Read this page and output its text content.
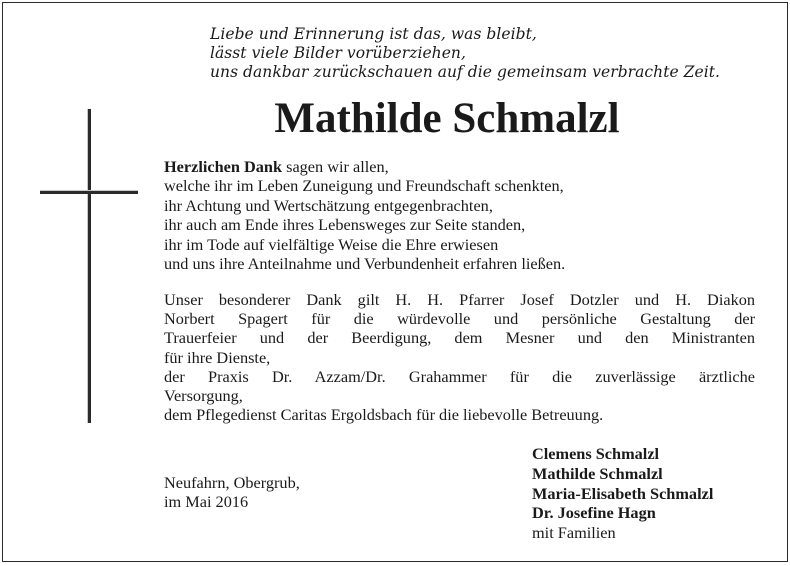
Liebe und Erinnerung ist das, was bleibt,
lässt viele Bilder vorüberziehen,
uns dankbar zurückschauen auf die gemeinsam verbrachte Zeit.
Mathilde Schmalzl
Herzlichen Dank sagen wir allen,
welche ihr im Leben Zuneigung und Freundschaft schenkten,
ihr Achtung und Wertschätzung entgegenbrachten,
ihr auch am Ende ihres Lebensweges zur Seite standen,
ihr im Tode auf vielfältige Weise die Ehre erwiesen
und uns ihre Anteilnahme und Verbundenheit erfahren ließen.

Unser besonderer Dank gilt H. H. Pfarrer Josef Dotzler und H. Diakon

Norbert Spagert für die würdevolle und persönliche Gestaltung der

Trauerfeier und der Beerdigung, dem Mesner und den Ministranten

für ihre Dienste,

der Praxis Dr. Azzam/Dr. Grahammer für die zuverlässige ärztliche

Versorgung,

dem Pflegedienst Caritas Ergoldsbach für die liebevolle Betreuung.

Neufahrn, Obergrub,
im Mai 2016
Clemens Schmalzl
Mathilde Schmalzl
Maria-Elisabeth Schmalzl
Dr. Josefine Hagn
mit Familien
